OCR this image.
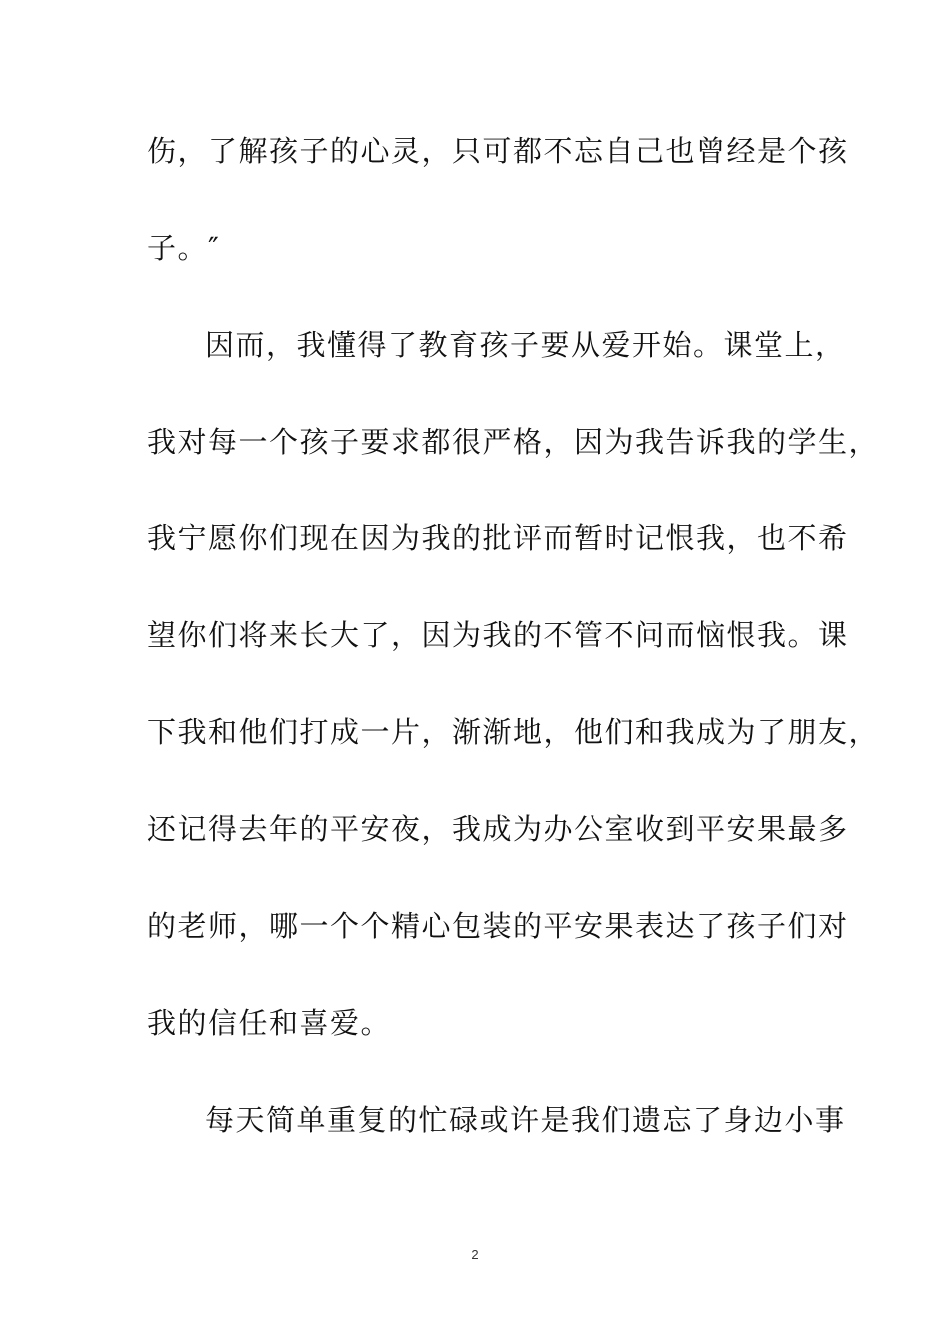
伤，了解孩子的心灵，只可都不忘自己也曾经是个孩
子。″
因而，我懂得了教育孩子要从爱开始。课堂上，
我对每一个孩子要求都很严格，因为我告诉我的学生，
我宁愿你们现在因为我的批评而暂时记恨我，也不希
望你们将来长大了，因为我的不管不问而恼恨我。课
下我和他们打成一片，渐渐地，他们和我成为了朋友，
还记得去年的平安夜，我成为办公室收到平安果最多
的老师，哪一个个精心包装的平安果表达了孩子们对
我的信任和喜爱。
每天简单重复的忙碌或许是我们遗忘了身边小事
2
